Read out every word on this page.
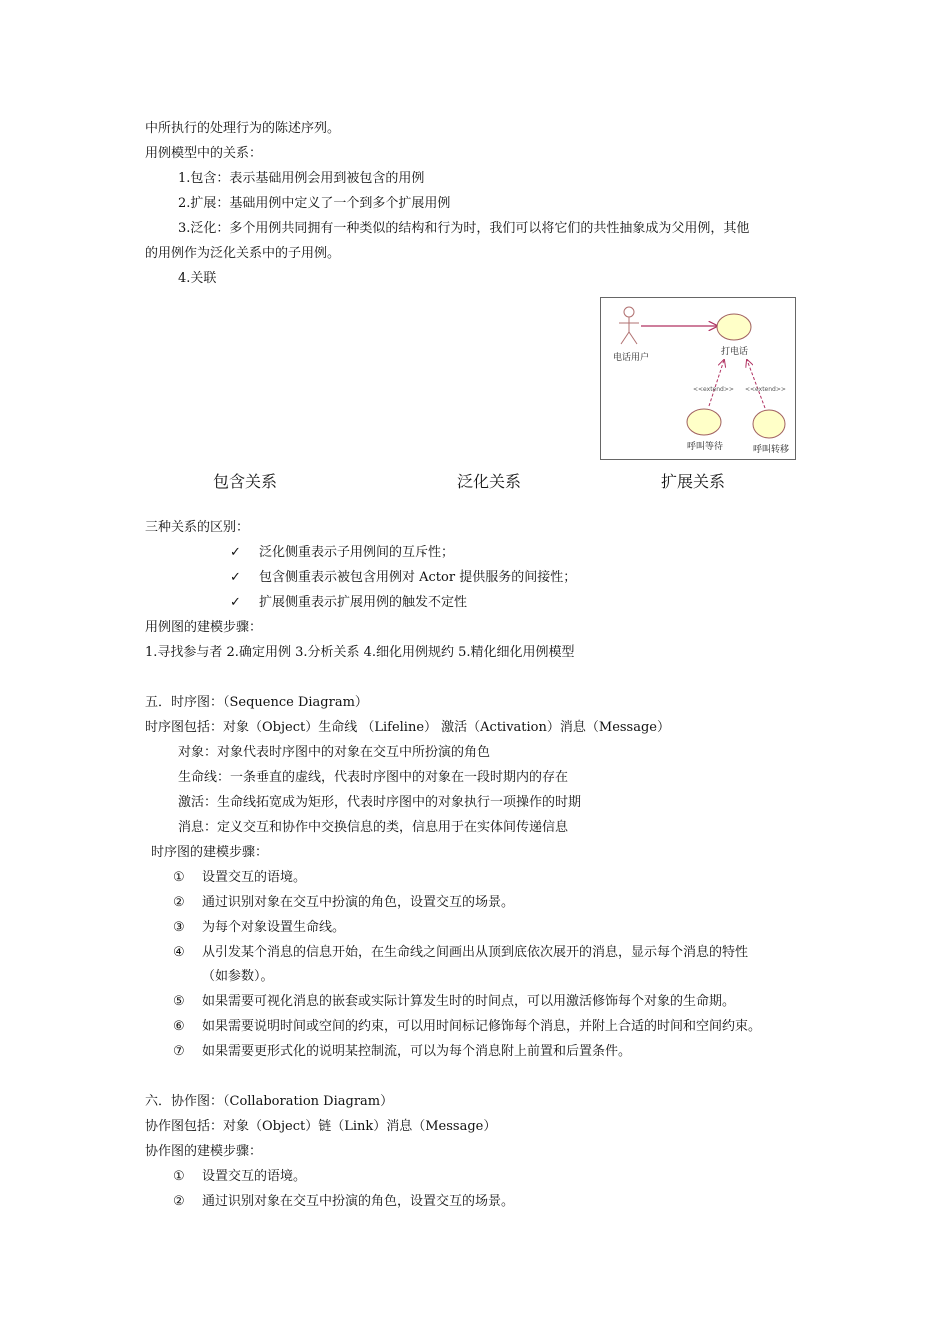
中所执行的处理行为的陈述序列。
用例模型中的关系：
1.包含：表示基础用例会用到被包含的用例
2.扩展：基础用例中定义了一个到多个扩展用例
3.泛化：多个用例共同拥有一种类似的结构和行为时，我们可以将它们的共性抽象成为父用例，其他
的用例作为泛化关系中的子用例。
4.关联
电话用户
打电话
<<extend>> <<extend>>
呼叫等待	呼叫转移
包含关系	泛化关系	扩展关系
三种关系的区别：
✓ 泛化侧重表示子用例间的互斥性；
✓ 包含侧重表示被包含用例对 Actor 提供服务的间接性；
✓ 扩展侧重表示扩展用例的触发不定性
用例图的建模步骤：
1.寻找参与者 2.确定用例 3.分析关系 4.细化用例规约 5.精化细化用例模型
五．时序图：（Sequence Diagram）
时序图包括：对象（Object）生命线 （Lifeline） 激活（Activation）消息（Message）
对象：对象代表时序图中的对象在交互中所扮演的角色
生命线：一条垂直的虚线，代表时序图中的对象在一段时期内的存在
激活：生命线拓宽成为矩形，代表时序图中的对象执行一项操作的时期
消息：定义交互和协作中交换信息的类，信息用于在实体间传递信息
时序图的建模步骤：
① 设置交互的语境。
② 通过识别对象在交互中扮演的角色，设置交互的场景。
③ 为每个对象设置生命线。
④ 从引发某个消息的信息开始，在生命线之间画出从顶到底依次展开的消息，显示每个消息的特性
（如参数）。
⑤ 如果需要可视化消息的嵌套或实际计算发生时的时间点，可以用激活修饰每个对象的生命期。
⑥ 如果需要说明时间或空间的约束，可以用时间标记修饰每个消息，并附上合适的时间和空间约束。
⑦ 如果需要更形式化的说明某控制流，可以为每个消息附上前置和后置条件。
六．协作图：（Collaboration Diagram）
协作图包括：对象（Object）链（Link）消息（Message）
协作图的建模步骤：
① 设置交互的语境。
② 通过识别对象在交互中扮演的角色，设置交互的场景。
